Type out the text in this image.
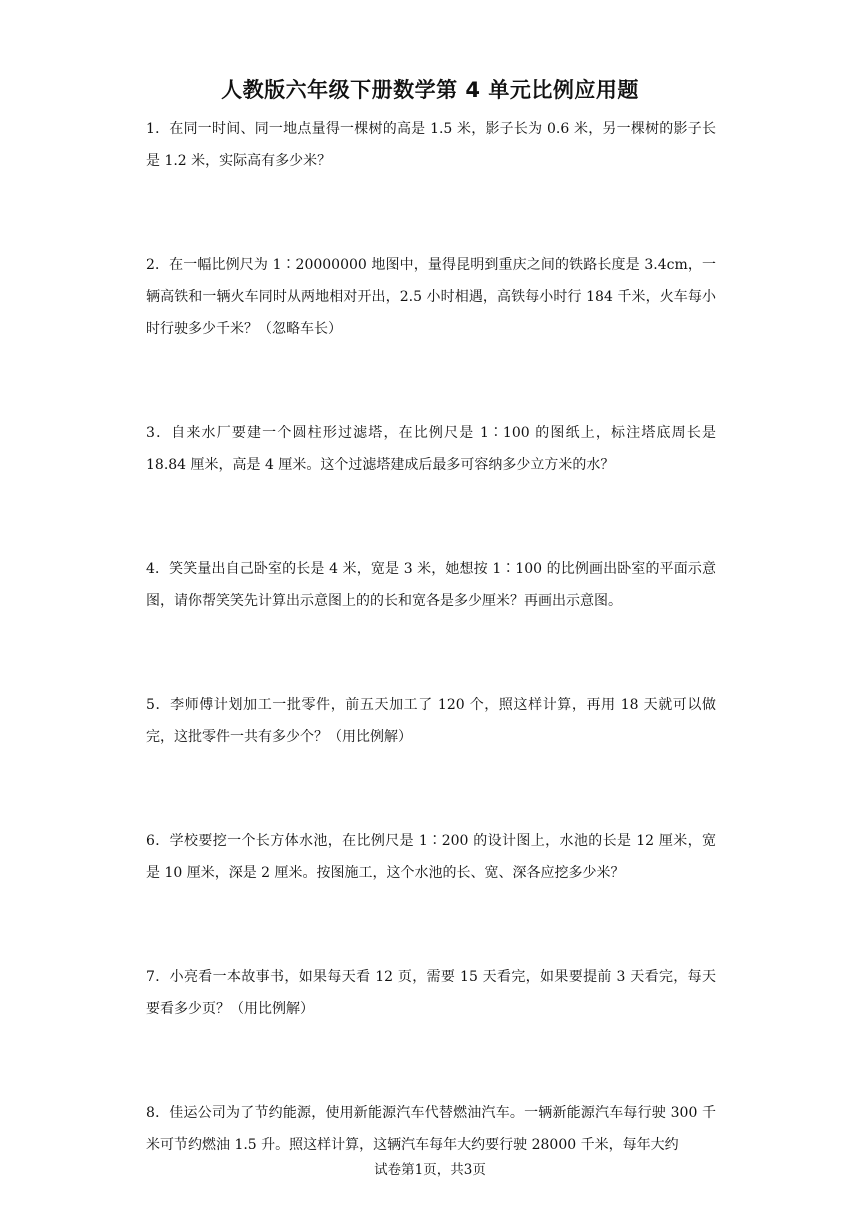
人教版六年级下册数学第 4 单元比例应用题
1．在同一时间、同一地点量得一棵树的高是 1.5 米，影子长为 0.6 米，另一棵树的影子长是 1.2 米，实际高有多少米？
2．在一幅比例尺为 1∶20000000 地图中，量得昆明到重庆之间的铁路长度是 3.4cm，一辆高铁和一辆火车同时从两地相对开出，2.5 小时相遇，高铁每小时行 184 千米，火车每小时行驶多少千米？（忽略车长）
3．自来水厂要建一个圆柱形过滤塔，在比例尺是 1∶100 的图纸上，标注塔底周长是 18.84 厘米，高是 4 厘米。这个过滤塔建成后最多可容纳多少立方米的水？
4．笑笑量出自己卧室的长是 4 米，宽是 3 米，她想按 1∶100 的比例画出卧室的平面示意图，请你帮笑笑先计算出示意图上的的长和宽各是多少厘米？再画出示意图。
5．李师傅计划加工一批零件，前五天加工了 120 个，照这样计算，再用 18 天就可以做完，这批零件一共有多少个？（用比例解）
6．学校要挖一个长方体水池，在比例尺是 1∶200 的设计图上，水池的长是 12 厘米，宽是 10 厘米，深是 2 厘米。按图施工，这个水池的长、宽、深各应挖多少米？
7．小亮看一本故事书，如果每天看 12 页，需要 15 天看完，如果要提前 3 天看完，每天要看多少页？（用比例解）
8．佳运公司为了节约能源，使用新能源汽车代替燃油汽车。一辆新能源汽车每行驶 300 千米可节约燃油 1.5 升。照这样计算，这辆汽车每年大约要行驶 28000 千米，每年大约
试卷第1页，共3页
